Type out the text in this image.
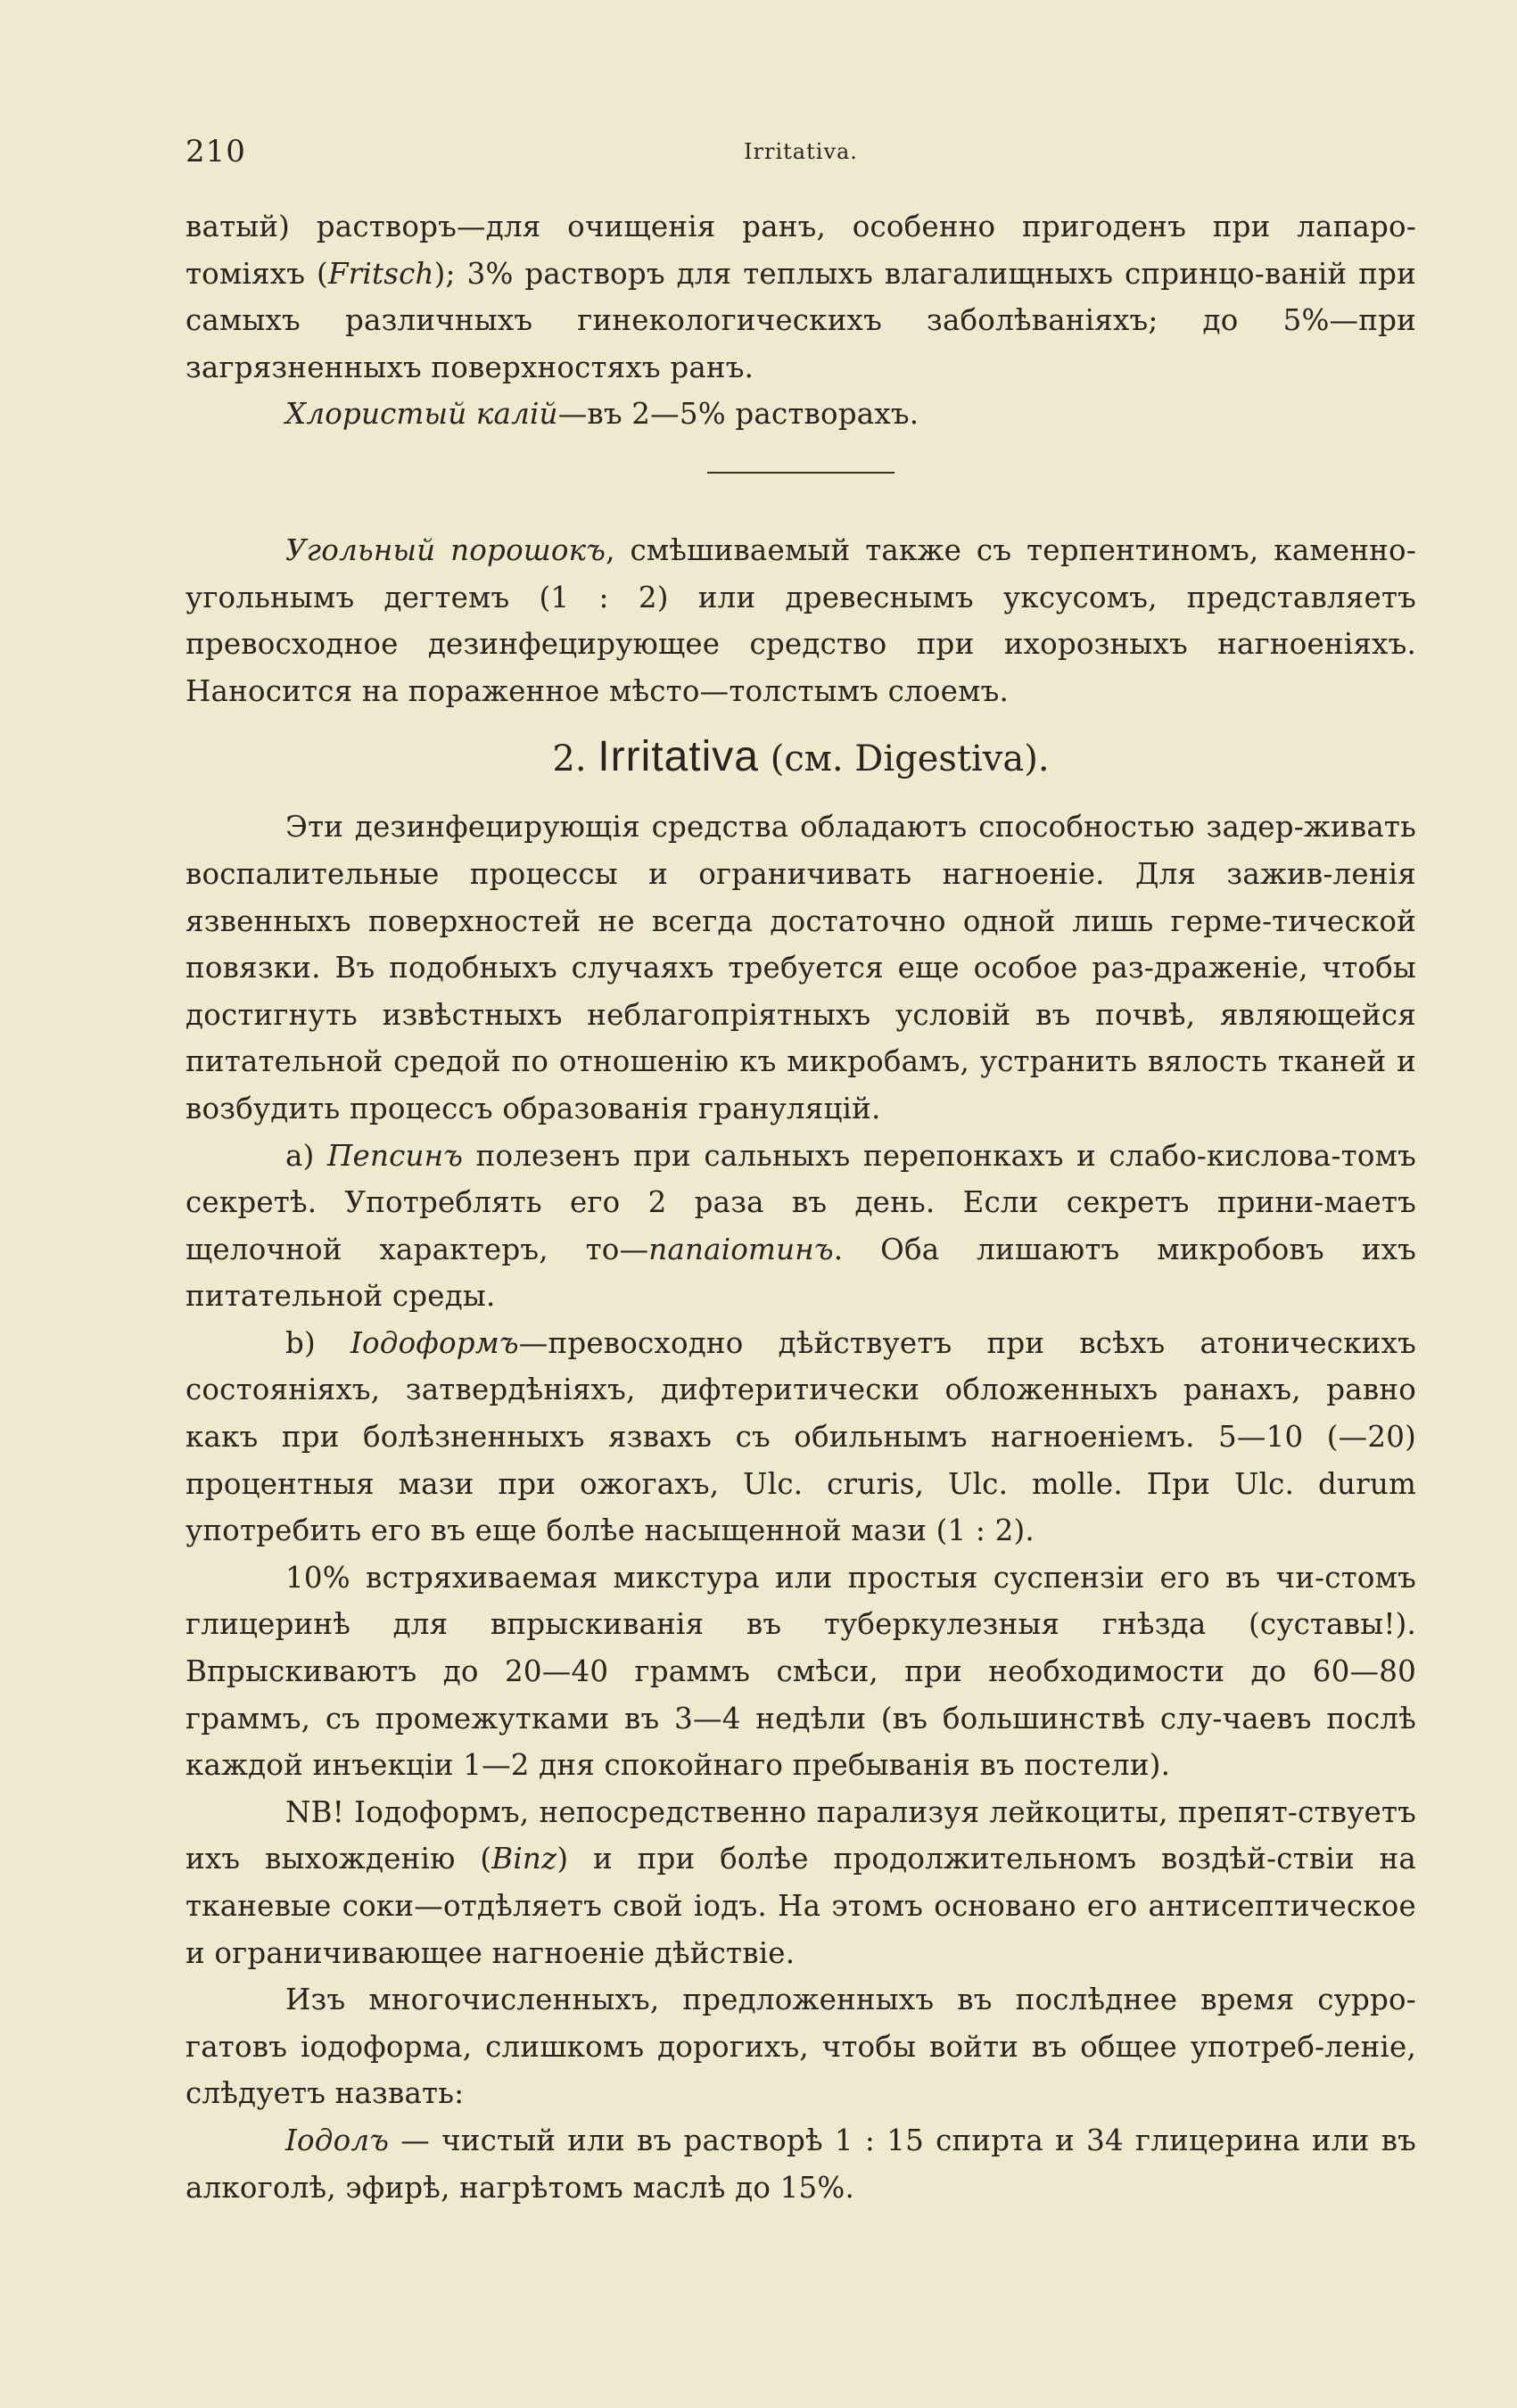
210	Irritativa.

ватый) растворъ—для очищенія ранъ, особенно пригоденъ при лапаро-томіяхъ (Fritsch); 3% растворъ для теплыхъ влагалищныхъ спринцо-ваній при самыхъ различныхъ гинекологическихъ заболѣваніяхъ; до 5%—при загрязненныхъ поверхностяхъ ранъ.

Хлористый калій—въ 2—5% растворахъ.

Угольный порошокъ, смѣшиваемый также съ терпентиномъ, каменно-угольнымъ дегтемъ (1 : 2) или древеснымъ уксусомъ, представляетъ превосходное дезинфецирующее средство при ихорозныхъ нагноеніяхъ. Наносится на пораженное мѣсто—толстымъ слоемъ.

2. Irritativa (см. Digestiva).

Эти дезинфецирующія средства обладаютъ способностью задер-живать воспалительные процессы и ограничивать нагноеніе. Для зажив-ленія язвенныхъ поверхностей не всегда достаточно одной лишь герме-тической повязки. Въ подобныхъ случаяхъ требуется еще особое раз-драженіе, чтобы достигнуть извѣстныхъ неблагопріятныхъ условій въ почвѣ, являющейся питательной средой по отношенію къ микробамъ, устранить вялость тканей и возбудить процессъ образованія грануляцій.

a) Пепсинъ полезенъ при сальныхъ перепонкахъ и слабо-кислова-томъ секретѣ. Употреблять его 2 раза въ день. Если секретъ прини-маетъ щелочной характеръ, то—папаіотинъ. Оба лишаютъ микробовъ ихъ питательной среды.

b) Іодоформъ—превосходно дѣйствуетъ при всѣхъ атоническихъ состояніяхъ, затвердѣніяхъ, дифтеритически обложенныхъ ранахъ, равно какъ при болѣзненныхъ язвахъ съ обильнымъ нагноеніемъ. 5—10 (—20) процентныя мази при ожогахъ, Ulc. cruris, Ulc. molle. При Ulc. durum употребить его въ еще болѣе насыщенной мази (1 : 2).

10% встряхиваемая микстура или простыя суспензіи его въ чи-стомъ глицеринѣ для впрыскиванія въ туберкулезныя гнѣзда (суставы!). Впрыскиваютъ до 20—40 граммъ смѣси, при необходимости до 60—80 граммъ, съ промежутками въ 3—4 недѣли (въ большинствѣ слу-чаевъ послѣ каждой инъекціи 1—2 дня спокойнаго пребыванія въ постели).

NB! Іодоформъ, непосредственно парализуя лейкоциты, препят-ствуетъ ихъ выхожденію (Binz) и при болѣе продолжительномъ воздѣй-ствіи на тканевые соки—отдѣляетъ свой іодъ. На этомъ основано его антисептическое и ограничивающее нагноеніе дѣйствіе.

Изъ многочисленныхъ, предложенныхъ въ послѣднее время сурро-гатовъ іодоформа, слишкомъ дорогихъ, чтобы войти въ общее употреб-леніе, слѣдуетъ назвать:

Іодолъ — чистый или въ растворѣ 1 : 15 спирта и 34 глицерина или въ алкоголѣ, эфирѣ, нагрѣтомъ маслѣ до 15%.
